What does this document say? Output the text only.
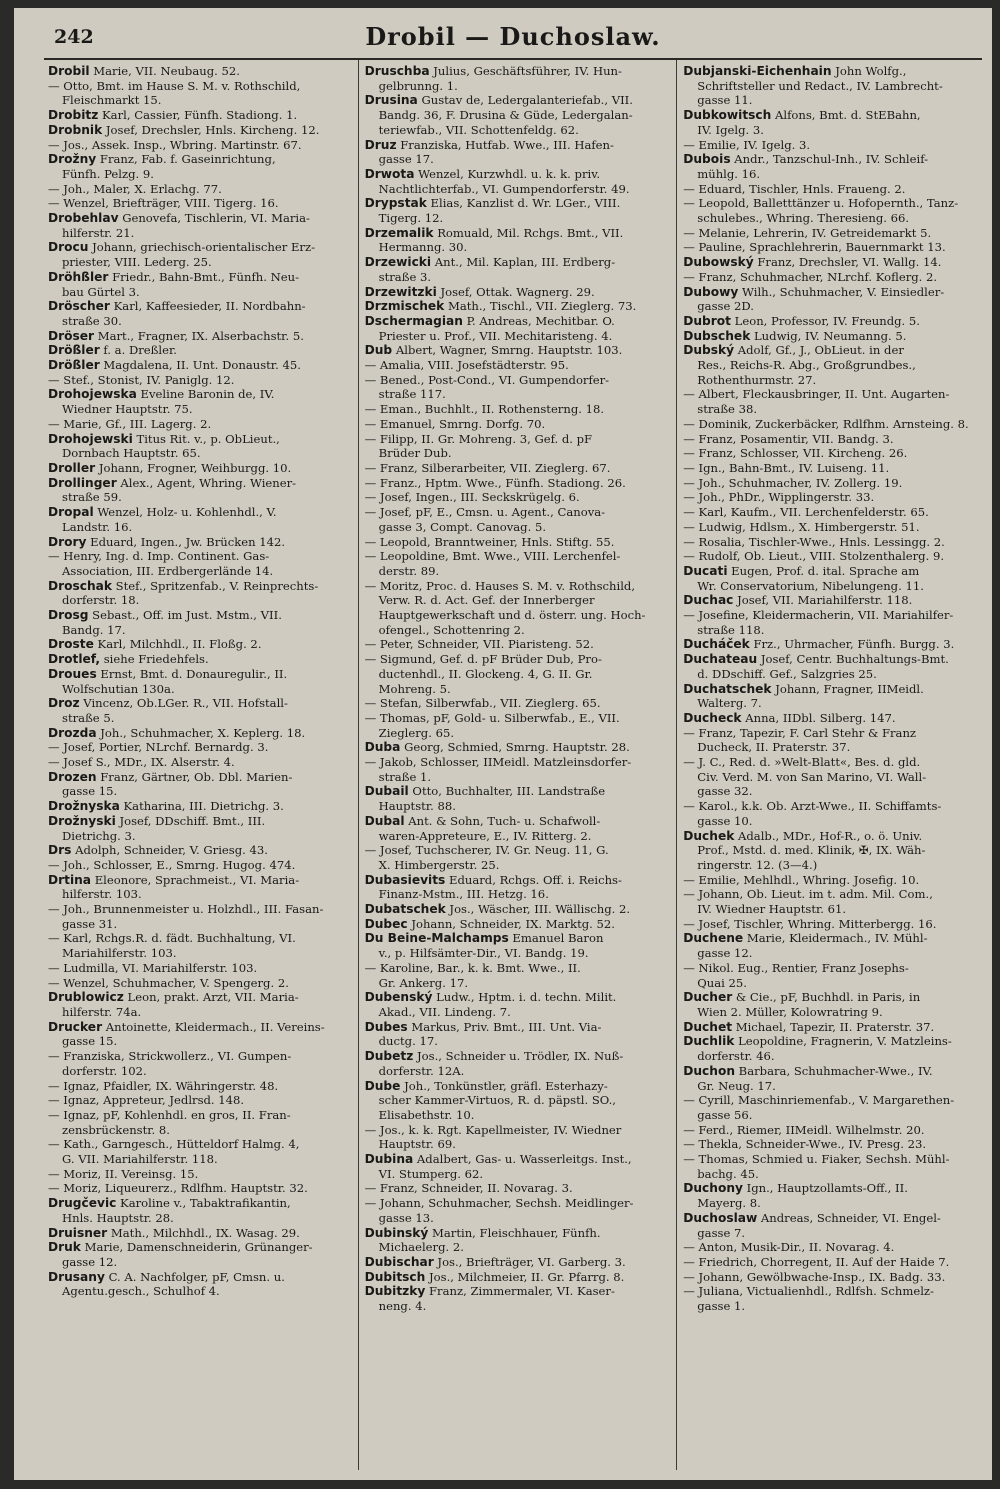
242	Drobil — Duchoslaw.

Drobil Marie, VII. Neubaug. 52.

— Otto, Bmt. im Hause S. M. v. Rothschild,
Fleischmarkt 15.

Drobitz Karl, Cassier, Fünfh. Stadiong. 1.

Drobnik Josef, Drechsler, Hnls. Kircheng. 12.

— Jos., Assek. Insp., Wbring. Martinstr. 67.

Drožny Franz, Fab. f. Gaseinrichtung,
Fünfh. Pelzg. 9.

— Joh., Maler, X. Erlachg. 77.

— Wenzel, Briefträger, VIII. Tigerg. 16.

Drobehlav Genovefa, Tischlerin, VI. Maria-
hilferstr. 21.

Drocu Johann, griechisch-orientalischer Erz-
priester, VIII. Lederg. 25.

Dröhßler Friedr., Bahn-Bmt., Fünfh. Neu-
bau Gürtel 3.

Dröscher Karl, Kaffeesieder, II. Nordbahn-
straße 30.

Dröser Mart., Fragner, IX. Alserbachstr. 5.

Drößler f. a. Dreßler.

Drößler Magdalena, II. Unt. Donaustr. 45.

— Stef., Stonist, IV. Paniglg. 12.

Drohojewska Eveline Baronin de, IV.
Wiedner Hauptstr. 75.

— Marie, Gf., III. Lagerg. 2.

Drohojewski Titus Rit. v., p. ObLieut.,
Dornbach Hauptstr. 65.

Droller Johann, Frogner, Weihburgg. 10.

Drollinger Alex., Agent, Whring. Wiener-
straße 59.

Dropal Wenzel, Holz- u. Kohlenhdl., V.
Landstr. 16.

Drory Eduard, Ingen., Jw. Brücken 142.

— Henry, Ing. d. Imp. Continent. Gas-
Association, III. Erdbergerlände 14.

Droschak Stef., Spritzenfab., V. Reinprechts-
dorferstr. 18.

Drosg Sebast., Off. im Just. Mstm., VII.
Bandg. 17.

Droste Karl, Milchhdl., II. Floßg. 2.

Drotlef, siehe Friedehfels.

Droues Ernst, Bmt. d. Donauregulir., II.
Wolfschutian 130a.

Droz Vincenz, Ob.LGer. R., VII. Hofstall-
straße 5.

Drozda Joh., Schuhmacher, X. Keplerg. 18.

— Josef, Portier, NLrchf. Bernardg. 3.

— Josef S., MDr., IX. Alserstr. 4.

Drozen Franz, Gärtner, Ob. Dbl. Marien-
gasse 15.

Drožnyska Katharina, III. Dietrichg. 3.

Drožnyski Josef, DDschiff. Bmt., III.
Dietrichg. 3.

Drs Adolph, Schneider, V. Griesg. 43.

— Joh., Schlosser, E., Smrng. Hugog. 474.

Drtina Eleonore, Sprachmeist., VI. Maria-
hilferstr. 103.

— Joh., Brunnenmeister u. Holzhdl., III. Fasan-
gasse 31.

— Karl, Rchgs.R. d. fädt. Buchhaltung, VI.
Mariahilferstr. 103.

— Ludmilla, VI. Mariahilferstr. 103.

— Wenzel, Schuhmacher, V. Spengerg. 2.

Drublowicz Leon, prakt. Arzt, VII. Maria-
hilferstr. 74a.

Drucker Antoinette, Kleidermach., II. Vereins-
gasse 15.

— Franziska, Strickwollerz., VI. Gumpen-
dorferstr. 102.

— Ignaz, Pfaidler, IX. Währingerstr. 48.

— Ignaz, Appreteur, Jedlrsd. 148.

— Ignaz, pF, Kohlenhdl. en gros, II. Fran-
zensbrückenstr. 8.

— Kath., Garngesch., Hütteldorf Halmg. 4,
G. VII. Mariahilferstr. 118.

— Moriz, II. Vereinsg. 15.

— Moriz, Liqueurerz., Rdlfhm. Hauptstr. 32.

Drugčevic Karoline v., Tabaktrafikantin,
Hnls. Hauptstr. 28.

Druisner Math., Milchhdl., IX. Wasag. 29.

Druk Marie, Damenschneiderin, Grünanger-
gasse 12.

Drusany C. A. Nachfolger, pF, Cmsn. u.
Agentu.gesch., Schulhof 4.

Druschba Julius, Geschäftsführer, IV. Hun-
gelbrunng. 1.

Drusina Gustav de, Ledergalanteriefab., VII.
Bandg. 36, F. Drusina & Güde, Ledergalan-
teriewfab., VII. Schottenfeldg. 62.

Druz Franziska, Hutfab. Wwe., III. Hafen-
gasse 17.

Drwota Wenzel, Kurzwhdl. u. k. k. priv.
Nachtlichterfab., VI. Gumpendorferstr. 49.

Drypstak Elias, Kanzlist d. Wr. LGer., VIII.
Tigerg. 12.

Drzemalik Romuald, Mil. Rchgs. Bmt., VII.
Hermanng. 30.

Drzewicki Ant., Mil. Kaplan, III. Erdberg-
straße 3.

Drzewitzki Josef, Ottak. Wagnerg. 29.

Drzmischek Math., Tischl., VII. Zieglerg. 73.

Dschermagian P. Andreas, Mechitbar. O.
Priester u. Prof., VII. Mechitaristeng. 4.

Dub Albert, Wagner, Smrng. Hauptstr. 103.

— Amalia, VIII. Josefstädterstr. 95.

— Bened., Post-Cond., VI. Gumpendorfer-
straße 117.

— Eman., Buchhlt., II. Rothensterng. 18.

— Emanuel, Smrng. Dorfg. 70.

— Filipp, II. Gr. Mohreng. 3, Gef. d. pF
Brüder Dub.

— Franz, Silberarbeiter, VII. Zieglerg. 67.

— Franz., Hptm. Wwe., Fünfh. Stadiong. 26.

— Josef, Ingen., III. Seckskrügelg. 6.

— Josef, pF, E., Cmsn. u. Agent., Canova-
gasse 3, Compt. Canovag. 5.

— Leopold, Branntweiner, Hnls. Stiftg. 55.

— Leopoldine, Bmt. Wwe., VIII. Lerchenfel-
derstr. 89.

— Moritz, Proc. d. Hauses S. M. v. Rothschild,
Verw. R. d. Act. Gef. der Innerberger
Hauptgewerkschaft und d. österr. ung. Hoch-
ofengel., Schottenring 2.

— Peter, Schneider, VII. Piaristeng. 52.

— Sigmund, Gef. d. pF Brüder Dub, Pro-
ductenhdl., II. Glockeng. 4, G. II. Gr.
Mohreng. 5.

— Stefan, Silberwfab., VII. Zieglerg. 65.

— Thomas, pF, Gold- u. Silberwfab., E., VII.
Zieglerg. 65.

Duba Georg, Schmied, Smrng. Hauptstr. 28.

— Jakob, Schlosser, IIMeidl. Matzleinsdorfer-
straße 1.

Dubail Otto, Buchhalter, III. Landstraße
Hauptstr. 88.

Dubal Ant. & Sohn, Tuch- u. Schafwoll-
waren-Appreteure, E., IV. Ritterg. 2.

— Josef, Tuchscherer, IV. Gr. Neug. 11, G.
X. Himbergerstr. 25.

Dubasievits Eduard, Rchgs. Off. i. Reichs-
Finanz-Mstm., III. Hetzg. 16.

Dubatschek Jos., Wäscher, III. Wällischg. 2.

Dubec Johann, Schneider, IX. Marktg. 52.

Du Beine-Malchamps Emanuel Baron
v., p. Hilfsämter-Dir., VI. Bandg. 19.

— Karoline, Bar., k. k. Bmt. Wwe., II.
Gr. Ankerg. 17.

Dubenský Ludw., Hptm. i. d. techn. Milit.
Akad., VII. Lindeng. 7.

Dubes Markus, Priv. Bmt., III. Unt. Via-
ductg. 17.

Dubetz Jos., Schneider u. Trödler, IX. Nuß-
dorferstr. 12A.

Dube Joh., Tonkünstler, gräfl. Esterhazy-
scher Kammer-Virtuos, R. d. päpstl. SO.,
Elisabethstr. 10.

— Jos., k. k. Rgt. Kapellmeister, IV. Wiedner
Hauptstr. 69.

Dubina Adalbert, Gas- u. Wasserleitgs. Inst.,
VI. Stumperg. 62.

— Franz, Schneider, II. Novarag. 3.

— Johann, Schuhmacher, Sechsh. Meidlinger-
gasse 13.

Dubinský Martin, Fleischhauer, Fünfh.
Michaelerg. 2.

Dubischar Jos., Briefträger, VI. Garberg. 3.

Dubitsch Jos., Milchmeier, II. Gr. Pfarrg. 8.

Dubitzky Franz, Zimmermaler, VI. Kaser-
neng. 4.

Dubjanski-Eichenhain John Wolfg.,
Schriftsteller und Redact., IV. Lambrecht-
gasse 11.

Dubkowitsch Alfons, Bmt. d. StEBahn,
IV. Igelg. 3.

— Emilie, IV. Igelg. 3.

Dubois Andr., Tanzschul-Inh., IV. Schleif-
mühlg. 16.

— Eduard, Tischler, Hnls. Fraueng. 2.

— Leopold, Balletttänzer u. Hofopernth., Tanz-
schulebes., Whring. Theresieng. 66.

— Melanie, Lehrerin, IV. Getreidemarkt 5.

— Pauline, Sprachlehrerin, Bauernmarkt 13.

Dubowský Franz, Drechsler, VI. Wallg. 14.

— Franz, Schuhmacher, NLrchf. Koflerg. 2.

Dubowy Wilh., Schuhmacher, V. Einsiedler-
gasse 2D.

Dubrot Leon, Professor, IV. Freundg. 5.

Dubschek Ludwig, IV. Neumanng. 5.

Dubský Adolf, Gf., J., ObLieut. in der
Res., Reichs-R. Abg., Großgrundbes.,
Rothenthurmstr. 27.

— Albert, Fleckausbringer, II. Unt. Augarten-
straße 38.

— Dominik, Zuckerbäcker, Rdlfhm. Arnsteing. 8.

— Franz, Posamentir, VII. Bandg. 3.

— Franz, Schlosser, VII. Kircheng. 26.

— Ign., Bahn-Bmt., IV. Luiseng. 11.

— Joh., Schuhmacher, IV. Zollerg. 19.

— Joh., PhDr., Wipplingerstr. 33.

— Karl, Kaufm., VII. Lerchenfelderstr. 65.

— Ludwig, Hdlsm., X. Himbergerstr. 51.

— Rosalia, Tischler-Wwe., Hnls. Lessingg. 2.

— Rudolf, Ob. Lieut., VIII. Stolzenthalerg. 9.

Ducati Eugen, Prof. d. ital. Sprache am
Wr. Conservatorium, Nibelungeng. 11.

Duchac Josef, VII. Mariahilferstr. 118.

— Josefine, Kleidermacherin, VII. Mariahilfer-
straße 118.

Ducháček Frz., Uhrmacher, Fünfh. Burgg. 3.

Duchateau Josef, Centr. Buchhaltungs-Bmt.
d. DDschiff. Gef., Salzgries 25.

Duchatschek Johann, Fragner, IIMeidl.
Walterg. 7.

Ducheck Anna, IIDbl. Silberg. 147.

— Franz, Tapezir, F. Carl Stehr & Franz
Ducheck, II. Praterstr. 37.

— J. C., Red. d. »Welt-Blatt«, Bes. d. gld.
Civ. Verd. M. von San Marino, VI. Wall-
gasse 32.

— Karol., k.k. Ob. Arzt-Wwe., II. Schiffamts-
gasse 10.

Duchek Adalb., MDr., Hof-R., o. ö. Univ.
Prof., Mstd. d. med. Klinik, ✠, IX. Wäh-
ringerstr. 12. (3—4.)

— Emilie, Mehlhdl., Whring. Josefig. 10.

— Johann, Ob. Lieut. im t. adm. Mil. Com.,
IV. Wiedner Hauptstr. 61.

— Josef, Tischler, Whring. Mitterbergg. 16.

Duchene Marie, Kleidermach., IV. Mühl-
gasse 12.

— Nikol. Eug., Rentier, Franz Josephs-
Quai 25.

Ducher & Cie., pF, Buchhdl. in Paris, in
Wien 2. Müller, Kolowratring 9.

Duchet Michael, Tapezir, II. Praterstr. 37.

Duchlik Leopoldine, Fragnerin, V. Matzleins-
dorferstr. 46.

Duchon Barbara, Schuhmacher-Wwe., IV.
Gr. Neug. 17.

— Cyrill, Maschinriemenfab., V. Margarethen-
gasse 56.

— Ferd., Riemer, IIMeidl. Wilhelmstr. 20.

— Thekla, Schneider-Wwe., IV. Presg. 23.

— Thomas, Schmied u. Fiaker, Sechsh. Mühl-
bachg. 45.

Duchony Ign., Hauptzollamts-Off., II.
Mayerg. 8.

Duchoslaw Andreas, Schneider, VI. Engel-
gasse 7.

— Anton, Musik-Dir., II. Novarag. 4.

— Friedrich, Chorregent, II. Auf der Haide 7.

— Johann, Gewölbwache-Insp., IX. Badg. 33.

— Juliana, Victualienhdl., Rdlfsh. Schmelz-
gasse 1.
